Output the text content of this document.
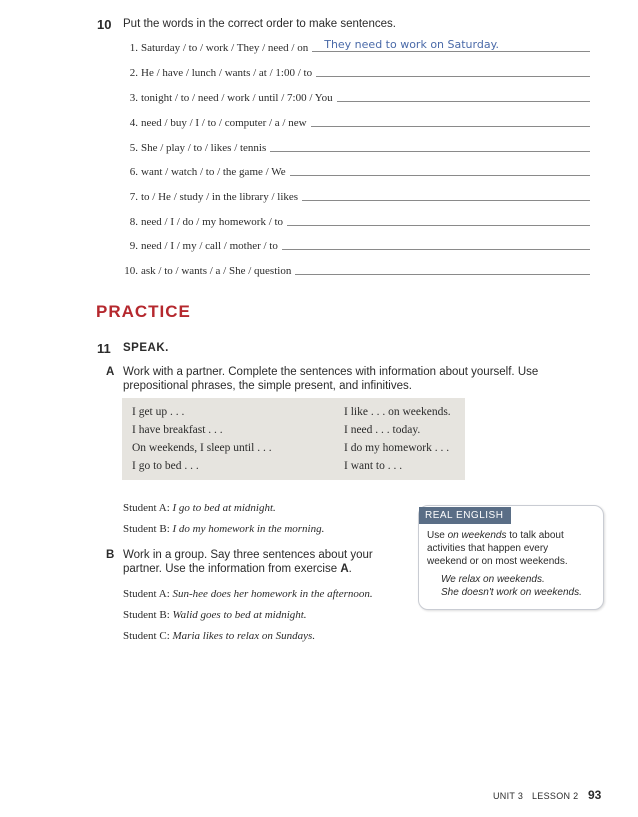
10 Put the words in the correct order to make sentences.
1. Saturday / to / work / They / need / on They need to work on Saturday.
2. He / have / lunch / wants / at / 1:00 / to
3. tonight / to / need / work / until / 7:00 / You
4. need / buy / I / to / computer / a / new
5. She / play / to / likes / tennis
6. want / watch / to / the game / We
7. to / He / study / in the library / likes
8. need / I / do / my homework / to
9. need / I / my / call / mother / to
10. ask / to / wants / a / She / question
PRACTICE
11 SPEAK.
A Work with a partner. Complete the sentences with information about yourself. Use
prepositional phrases, the simple present, and infinitives.
I get up . . .
I have breakfast . . .
On weekends, I sleep until . . .
I go to bed . . .
I like . . . on weekends.
I need . . . today.
I do my homework . . .
I want to . . .
Student A: I go to bed at midnight.
Student B: I do my homework in the morning.
B Work in a group. Say three sentences about your
partner. Use the information from exercise A.
Student A: Sun-hee does her homework in the afternoon.
Student B: Walid goes to bed at midnight.
Student C: Maria likes to relax on Sundays.
REAL ENGLISH
Use on weekends to talk about
activities that happen every
weekend or on most weekends.
We relax on weekends.
She doesn't work on weekends.
UNIT 3 LESSON 2 93
